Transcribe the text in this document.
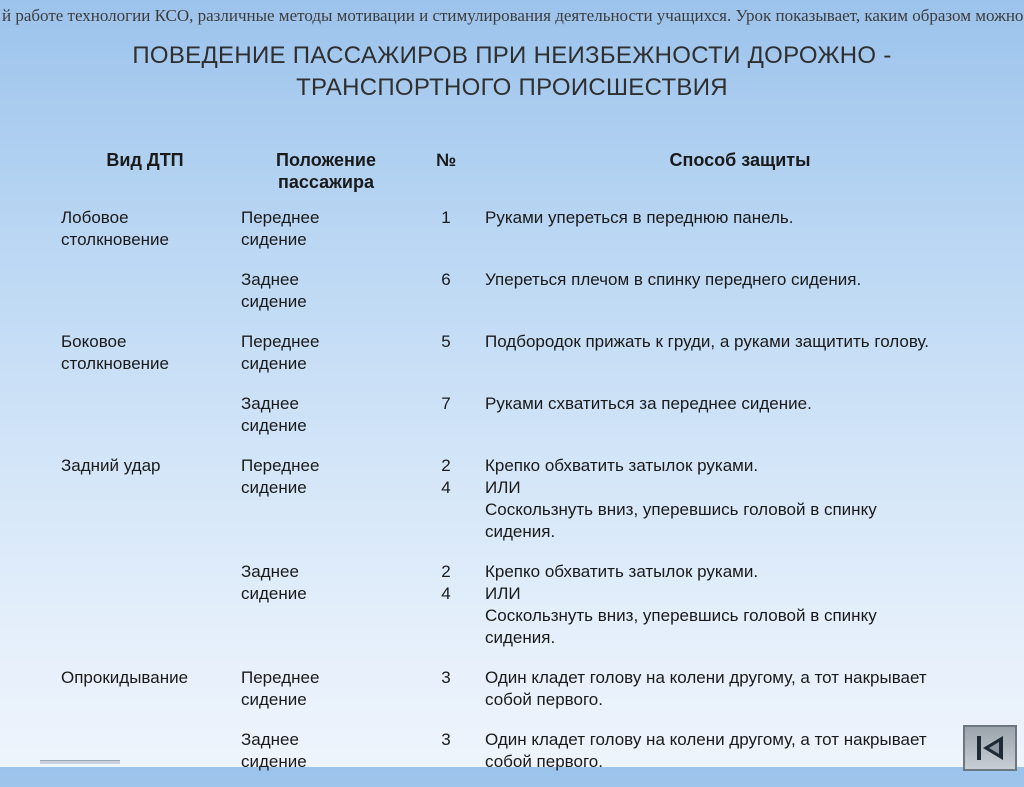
й работе технологии КСО, различные методы мотивации и стимулирования деятельности учащихся. Урок показывает, каким образом можно
ПОВЕДЕНИЕ ПАССАЖИРОВ ПРИ НЕИЗБЕЖНОСТИ ДОРОЖНО -
ТРАНСПОРТНОГО ПРОИСШЕСТВИЯ
Вид ДТП	Положение
пассажира	№	Способ защиты

Лобовое
столкновение	Переднее
сидение	1	Руками упереться в переднюю панель.

	Заднее
сидение	6	Упереться плечом в спинку переднего сидения.

Боковое
столкновение	Переднее
сидение	5	Подбородок прижать к груди, а руками защитить голову.

	Заднее
сидение	7	Руками схватиться за переднее сидение.

Задний удар	Переднее
сидение	2
4	Крепко обхватить затылок руками.
ИЛИ
Соскользнуть вниз, уперевшись головой в спинку
сидения.

	Заднее
сидение	2
4	Крепко обхватить затылок руками.
ИЛИ
Соскользнуть вниз, уперевшись головой в спинку
сидения.

Опрокидывание	Переднее
сидение	3	Один кладет голову на колени другому, а тот накрывает
собой первого.

	Заднее
сидение	3	Один кладет голову на колени другому, а тот накрывает
собой первого.
